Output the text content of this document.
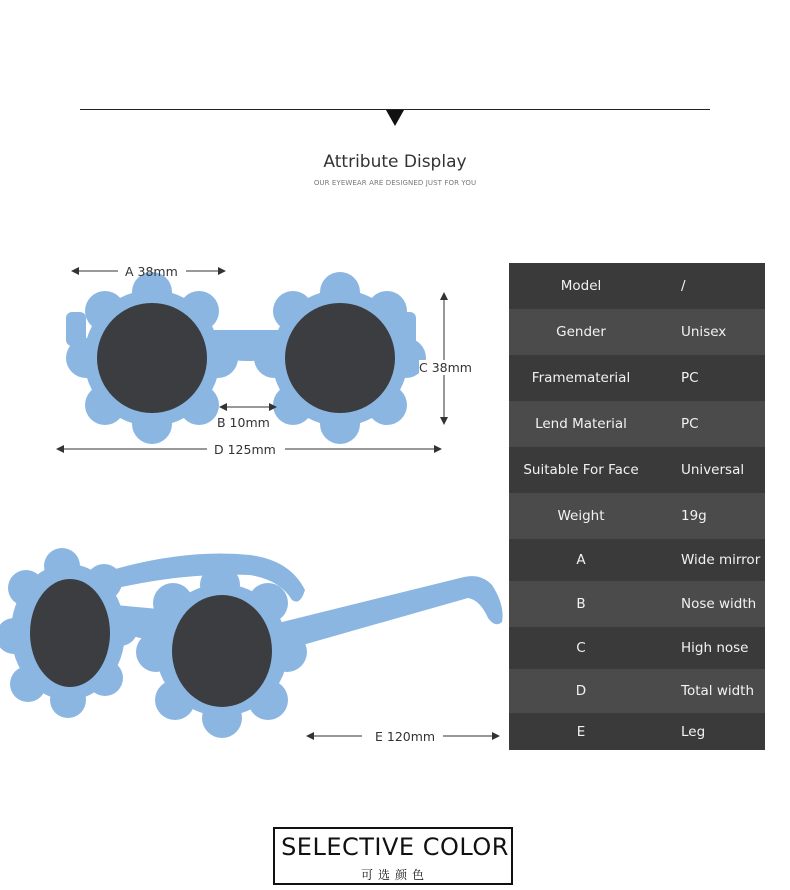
Attribute Display
OUR EYEWEAR ARE DESIGNED JUST FOR YOU
A 38mm
B 10mm
C 38mm
D 125mm
E 120mm
Model	/
Gender	Unisex
Framematerial	PC
Lend Material	PC
Suitable For Face	Universal
Weight	19g
A	Wide mirror
B	Nose width
C	High nose
D	Total width
E	Leg
SELECTIVE COLOR
可选颜色
